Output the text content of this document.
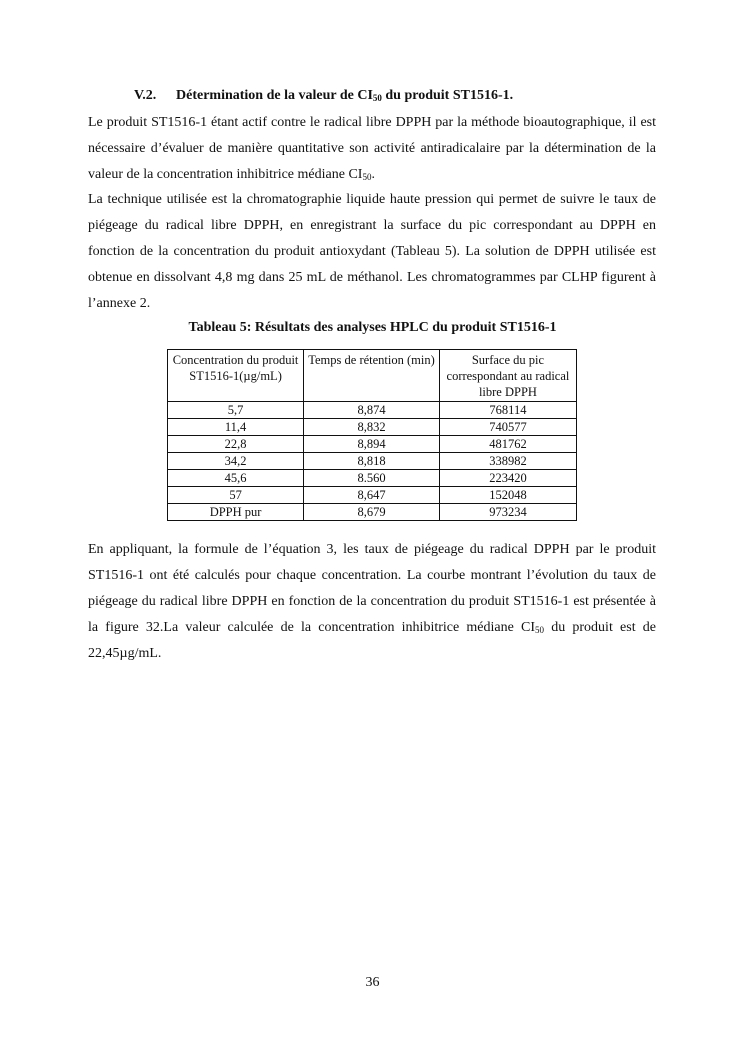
V.2. Détermination de la valeur de $CI_{50}$ du produit ST1516-1.

Le produit ST1516-1 étant actif contre le radical libre DPPH par la méthode bioautographique, il est nécessaire d’évaluer de manière quantitative son activité antiradicalaire par la détermination de la valeur de la concentration inhibitrice médiane $CI_{50}$.

La technique utilisée est la chromatographie liquide haute pression qui permet de suivre le taux de piégeage du radical libre DPPH, en enregistrant la surface du pic correspondant au DPPH en fonction de la concentration du produit antioxydant (Tableau 5). La solution de DPPH utilisée est obtenue en dissolvant 4,8 mg dans 25 mL de méthanol. Les chromatogrammes par CLHP figurent à l’annexe 2.

Tableau 5: Résultats des analyses HPLC du produit ST1516-1
Concentration du produit ST1516-1(µg/mL)	Temps de rétention (min)	Surface du pic correspondant au radical libre DPPH
5,7	8,874	768114
11,4	8,832	740577
22,8	8,894	481762
34,2	8,818	338982
45,6	8.560	223420
57	8,647	152048
DPPH pur	8,679	973234

En appliquant, la formule de l’équation 3, les taux de piégeage du radical DPPH par le produit ST1516-1 ont été calculés pour chaque concentration. La courbe montrant l’évolution du taux de piégeage du radical libre DPPH en fonction de la concentration du produit ST1516-1 est présentée à la figure 32.La valeur calculée de la concentration inhibitrice médiane $CI_{50}$ du produit est de 22,45µg/mL.

36
